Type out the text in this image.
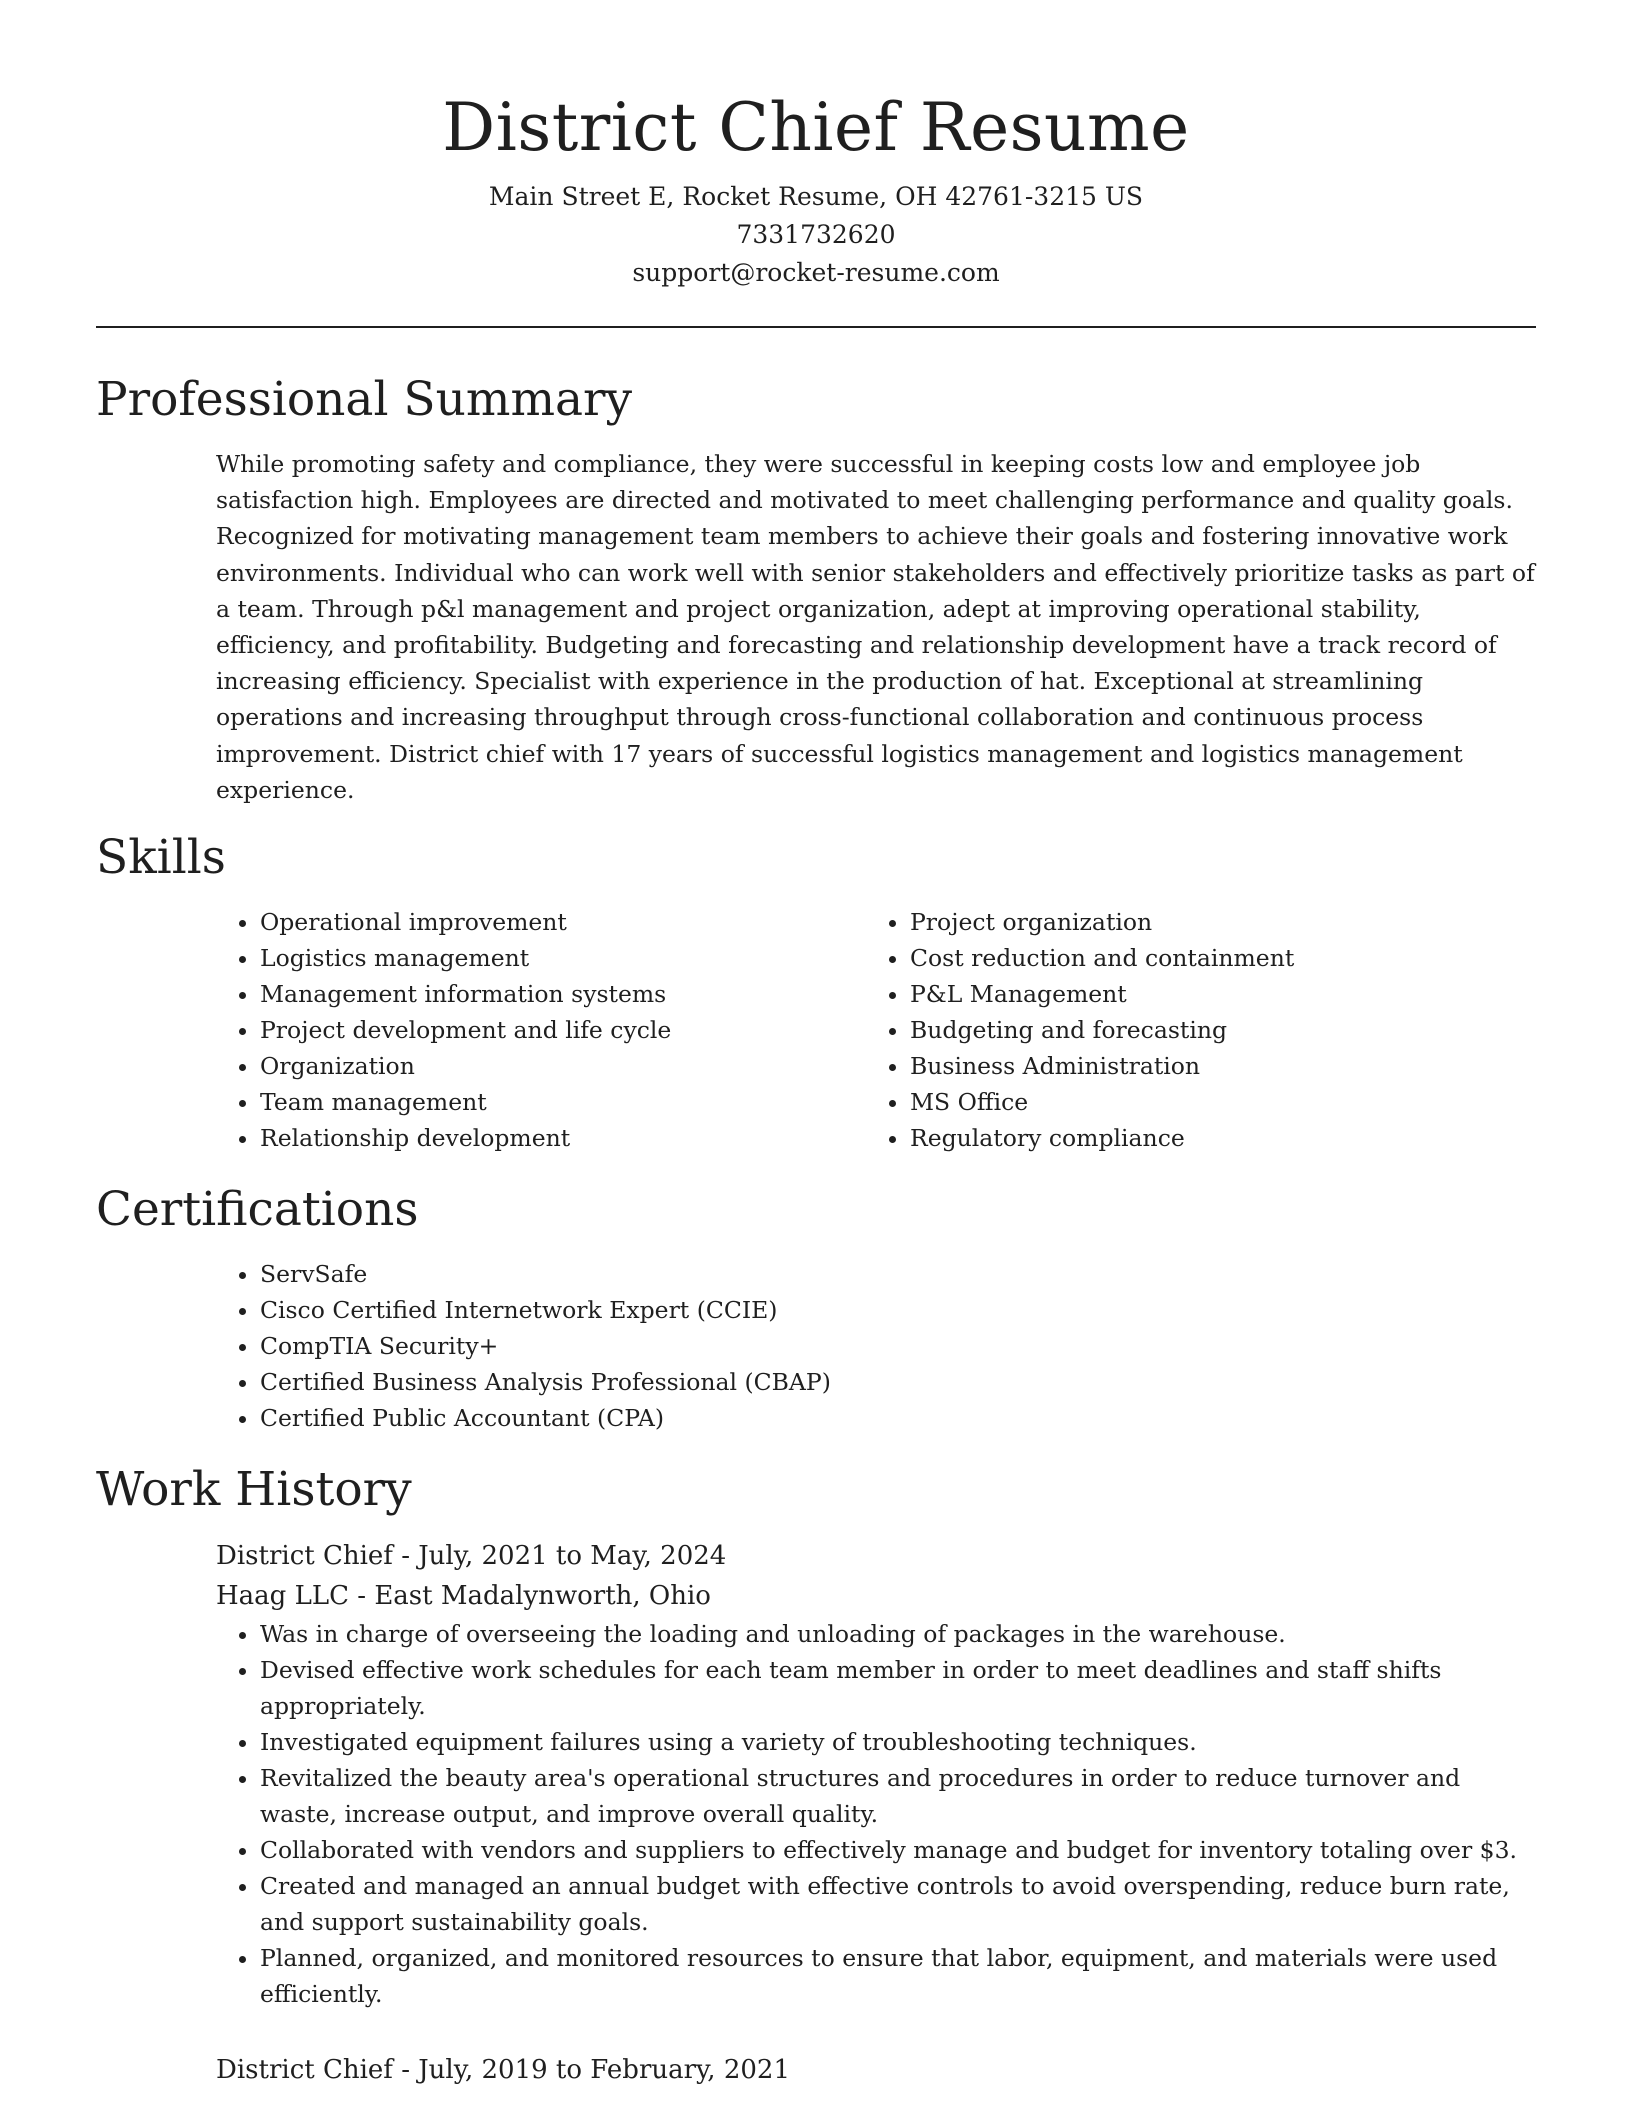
District Chief Resume

Main Street E, Rocket Resume, OH 42761-3215 US

7331732620

support@rocket-resume.com

Professional Summary

While promoting safety and compliance, they were successful in keeping costs low and employee job satisfaction high. Employees are directed and motivated to meet challenging performance and quality goals. Recognized for motivating management team members to achieve their goals and fostering innovative work environments. Individual who can work well with senior stakeholders and effectively prioritize tasks as part of a team. Through p&l management and project organization, adept at improving operational stability, efficiency, and profitability. Budgeting and forecasting and relationship development have a track record of increasing efficiency. Specialist with experience in the production of hat. Exceptional at streamlining operations and increasing throughput through cross-functional collaboration and continuous process improvement. District chief with 17 years of successful logistics management and logistics management experience.

Skills
• Operational improvement
• Logistics management
• Management information systems
• Project development and life cycle
• Organization
• Team management
• Relationship development
• Project organization
• Cost reduction and containment
• P&L Management
• Budgeting and forecasting
• Business Administration
• MS Office
• Regulatory compliance
Certifications
• ServSafe
• Cisco Certified Internetwork Expert (CCIE)
• CompTIA Security+
• Certified Business Analysis Professional (CBAP)
• Certified Public Accountant (CPA)
Work History

District Chief - July, 2021 to May, 2024

Haag LLC - East Madalynworth, Ohio

• Was in charge of overseeing the loading and unloading of packages in the warehouse.
• Devised effective work schedules for each team member in order to meet deadlines and staff shifts appropriately.
• Investigated equipment failures using a variety of troubleshooting techniques.
• Revitalized the beauty area's operational structures and procedures in order to reduce turnover and waste, increase output, and improve overall quality.
• Collaborated with vendors and suppliers to effectively manage and budget for inventory totaling over $3.
• Created and managed an annual budget with effective controls to avoid overspending, reduce burn rate, and support sustainability goals.
• Planned, organized, and monitored resources to ensure that labor, equipment, and materials were used efficiently.

District Chief - July, 2019 to February, 2021
